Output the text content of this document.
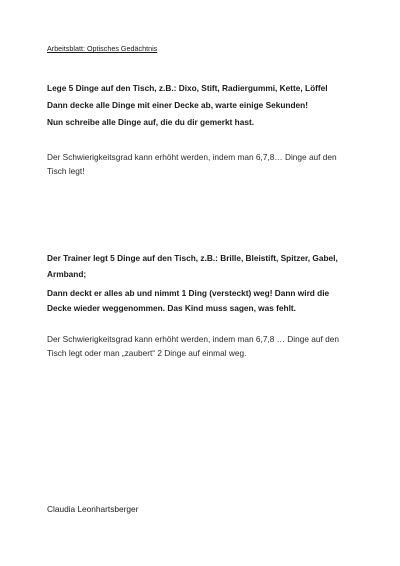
Arbeitsblatt: Optisches Gedächtnis
Lege 5 Dinge auf den Tisch, z.B.: Dixo, Stift, Radiergummi, Kette, Löffel
Dann decke alle Dinge mit einer Decke ab, warte einige Sekunden!
Nun schreibe alle Dinge auf, die du dir gemerkt hast.
Der Schwierigkeitsgrad kann erhöht werden, indem man 6,7,8… Dinge auf den
Tisch legt!
Der Trainer legt 5 Dinge auf den Tisch, z.B.: Brille, Bleistift, Spitzer, Gabel,
Armband;
Dann deckt er alles ab und nimmt 1 Ding (versteckt) weg! Dann wird die
Decke wieder weggenommen. Das Kind muss sagen, was fehlt.
Der Schwierigkeitsgrad kann erhöht werden, indem man 6,7,8 … Dinge auf den
Tisch legt oder man „zaubert“ 2 Dinge auf einmal weg.
Claudia Leonhartsberger
